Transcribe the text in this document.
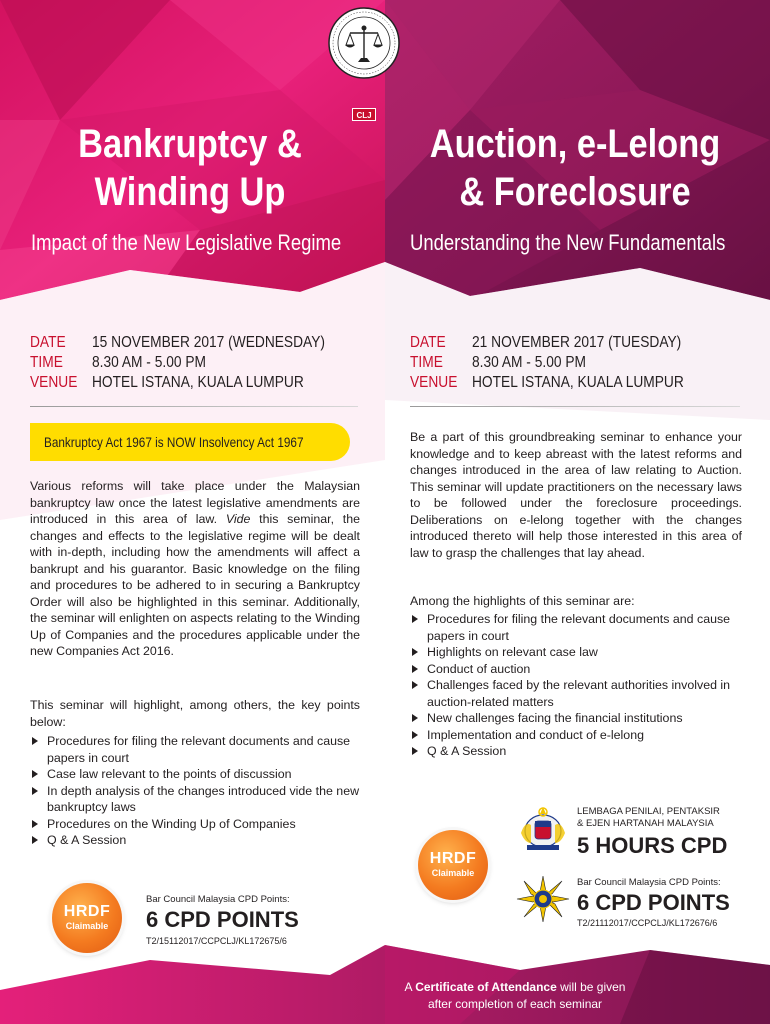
CLJ
Bankruptcy &
Winding Up
Auction, e-Lelong
& Foreclosure
Impact of the New Legislative Regime	Understanding the New Fundamentals
DATE	15 NOVEMBER 2017 (WEDNESDAY)
TIME	8.30 AM - 5.00 PM
VENUE HOTEL ISTANA, KUALA LUMPUR
DATE	21 NOVEMBER 2017 (TUESDAY)
TIME	8.30 AM - 5.00 PM
VENUE HOTEL ISTANA, KUALA LUMPUR
Bankruptcy Act 1967 is NOW Insolvency Act 1967

Various reforms will take place under the Malaysian bankruptcy law once the latest legislative amendments are introduced in this area of law. Vide this seminar, the changes and effects to the legislative regime will be dealt with in-depth, including how the amendments will affect a bankrupt and his guarantor. Basic knowledge on the filing and procedures to be adhered to in securing a Bankruptcy Order will also be highlighted in this seminar. Additionally, the seminar will enlighten on aspects relating to the Winding Up of Companies and the procedures applicable under the new Companies Act 2016.

This seminar will highlight, among others, the key points below:

Procedures for filing the relevant documents and cause papers in court
Case law relevant to the points of discussion
In depth analysis of the changes introduced vide the new bankruptcy laws
Procedures on the Winding Up of Companies
Q & A Session

Be a part of this groundbreaking seminar to enhance your knowledge and to keep abreast with the latest reforms and changes introduced in the area of law relating to Auction. This seminar will update practitioners on the necessary laws to be followed under the foreclosure proceedings. Deliberations on e-lelong together with the changes introduced thereto will help those interested in this area of law to grasp the challenges that lay ahead.

Among the highlights of this seminar are:

Procedures for filing the relevant documents and cause papers in court
Highlights on relevant case law
Conduct of auction
Challenges faced by the relevant authorities involved in auction-related matters
New challenges facing the financial institutions
Implementation and conduct of e-lelong
Q & A Session
HRDF
Claimable
Bar Council Malaysia CPD Points:
6 CPD POINTS
T2/15112017/CCPCLJ/KL172675/6
HRDF
Claimable
LEMBAGA PENILAI, PENTAKSIR
& EJEN HARTANAH MALAYSIA
5 HOURS CPD
Bar Council Malaysia CPD Points:
6 CPD POINTS
T2/21112017/CCPCLJ/KL172676/6
A Certificate of Attendance will be given
after completion of each seminar
